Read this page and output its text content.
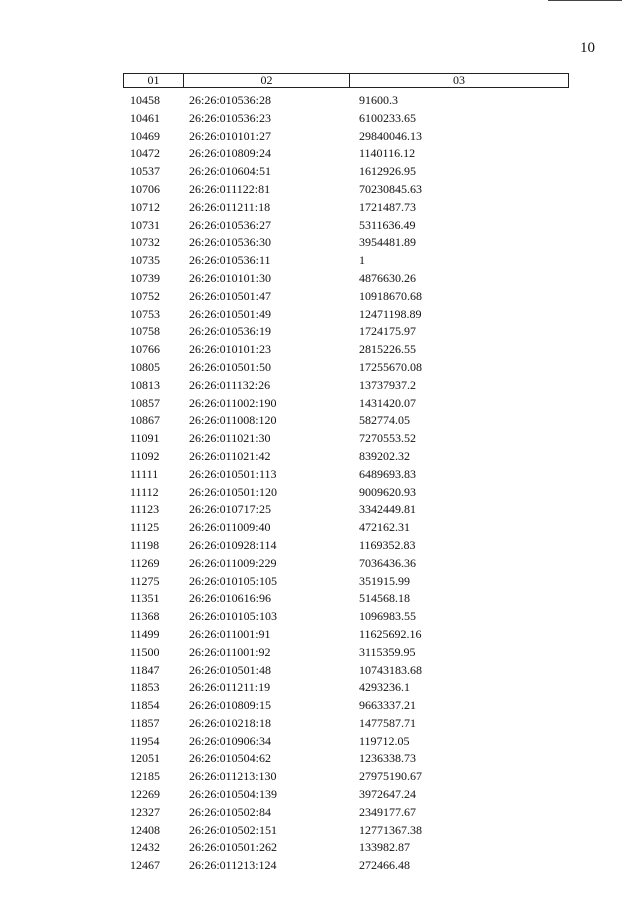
10
01	02	03
10458	26:26:010536:28	91600.3
10461	26:26:010536:23	6100233.65
10469	26:26:010101:27	29840046.13
10472	26:26:010809:24	1140116.12
10537	26:26:010604:51	1612926.95
10706	26:26:011122:81	70230845.63
10712	26:26:011211:18	1721487.73
10731	26:26:010536:27	5311636.49
10732	26:26:010536:30	3954481.89
10735	26:26:010536:11	1
10739	26:26:010101:30	4876630.26
10752	26:26:010501:47	10918670.68
10753	26:26:010501:49	12471198.89
10758	26:26:010536:19	1724175.97
10766	26:26:010101:23	2815226.55
10805	26:26:010501:50	17255670.08
10813	26:26:011132:26	13737937.2
10857	26:26:011002:190	1431420.07
10867	26:26:011008:120	582774.05
11091	26:26:011021:30	7270553.52
11092	26:26:011021:42	839202.32
11111	26:26:010501:113	6489693.83
11112	26:26:010501:120	9009620.93
11123	26:26:010717:25	3342449.81
11125	26:26:011009:40	472162.31
11198	26:26:010928:114	1169352.83
11269	26:26:011009:229	7036436.36
11275	26:26:010105:105	351915.99
11351	26:26:010616:96	514568.18
11368	26:26:010105:103	1096983.55
11499	26:26:011001:91	11625692.16
11500	26:26:011001:92	3115359.95
11847	26:26:010501:48	10743183.68
11853	26:26:011211:19	4293236.1
11854	26:26:010809:15	9663337.21
11857	26:26:010218:18	1477587.71
11954	26:26:010906:34	119712.05
12051	26:26:010504:62	1236338.73
12185	26:26:011213:130	27975190.67
12269	26:26:010504:139	3972647.24
12327	26:26:010502:84	2349177.67
12408	26:26:010502:151	12771367.38
12432	26:26:010501:262	133982.87
12467	26:26:011213:124	272466.48
